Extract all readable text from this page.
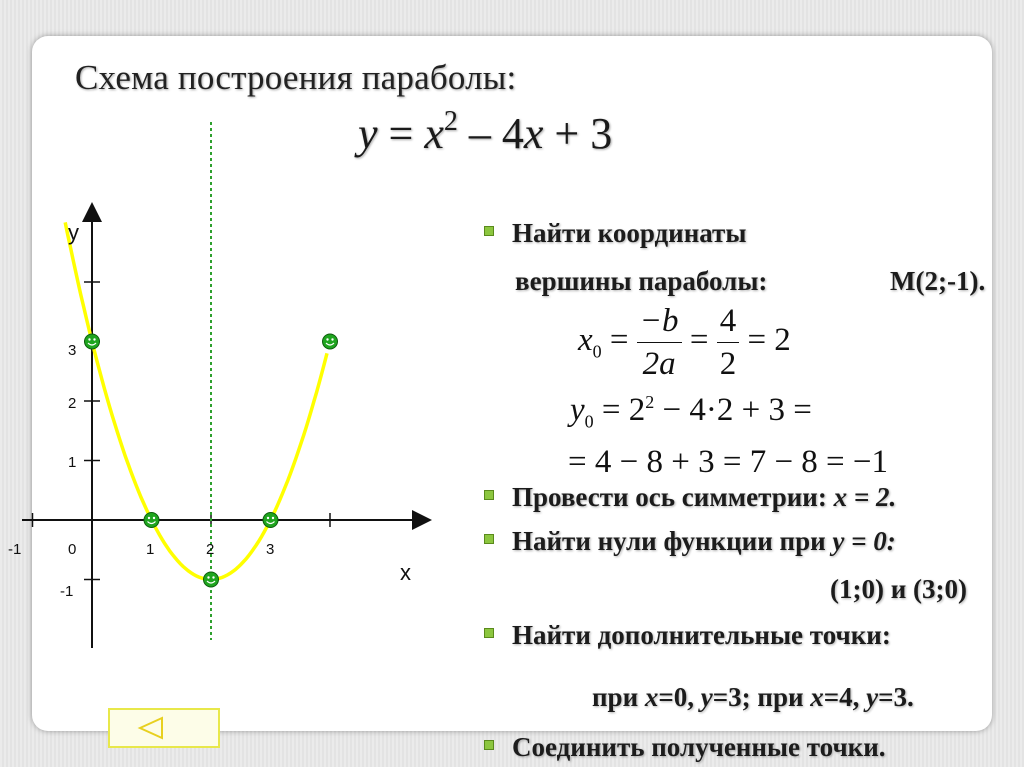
Схема построения параболы:
$y = x^2 - 4x + 3$
у
х
-1	0	1	2	3
3
2
1
-1
Найти координаты
вершины параболы:	М(2;-1).
$x_0 = \frac{-b}{2a} = \frac{4}{2} = 2$
$y_0 = 2^2 - 4\cdot 2 + 3$ =
= 4 − 8 + 3 = 7 − 8 = −1
Провести ось симметрии: х = 2.
Найти нули функции при у = 0:
(1;0) и (3;0)
Найти дополнительные точки:
при х=0, у=3; при х=4, у=3.
Соединить полученные точки.
